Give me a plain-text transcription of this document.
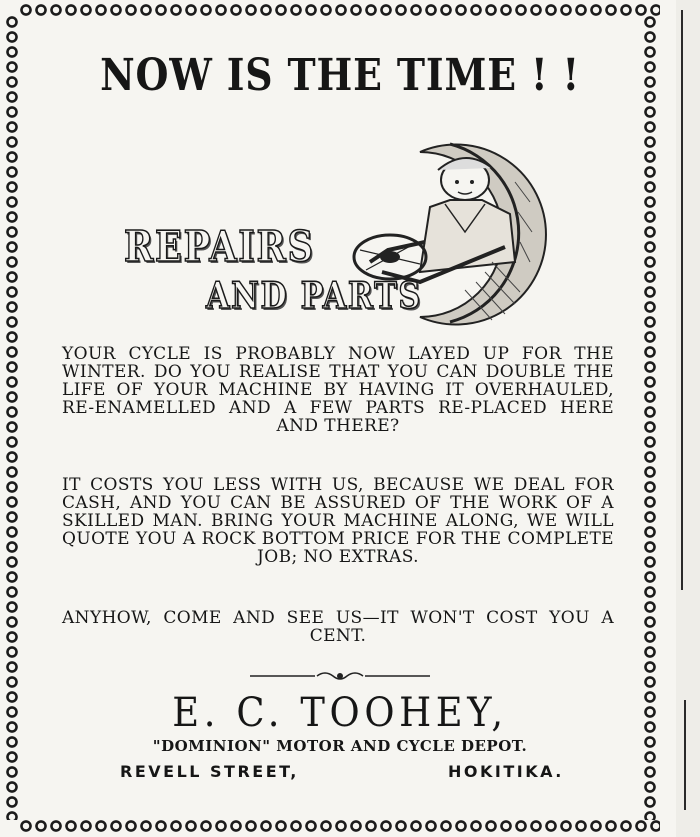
NOW IS THE TIME ! !
REPAIRS
AND PARTS
YOUR CYCLE IS PROBABLY NOW LAYED UP FOR THE WINTER. DO YOU REALISE THAT YOU CAN DOUBLE THE LIFE OF YOUR MACHINE BY HAVING IT OVERHAULED, RE-ENAMELLED AND A FEW PARTS RE-PLACED HERE AND THERE?
IT COSTS YOU LESS WITH US, BECAUSE WE DEAL FOR CASH, AND YOU CAN BE ASSURED OF THE WORK OF A SKILLED MAN. BRING YOUR MACHINE ALONG, WE WILL QUOTE YOU A ROCK BOTTOM PRICE FOR THE COMPLETE JOB; NO EXTRAS.
ANYHOW, COME AND SEE US—IT WON'T COST YOU A CENT.
E. C. TOOHEY,
"DOMINION" MOTOR AND CYCLE DEPOT.
REVELL STREET,	HOKITIKA.
